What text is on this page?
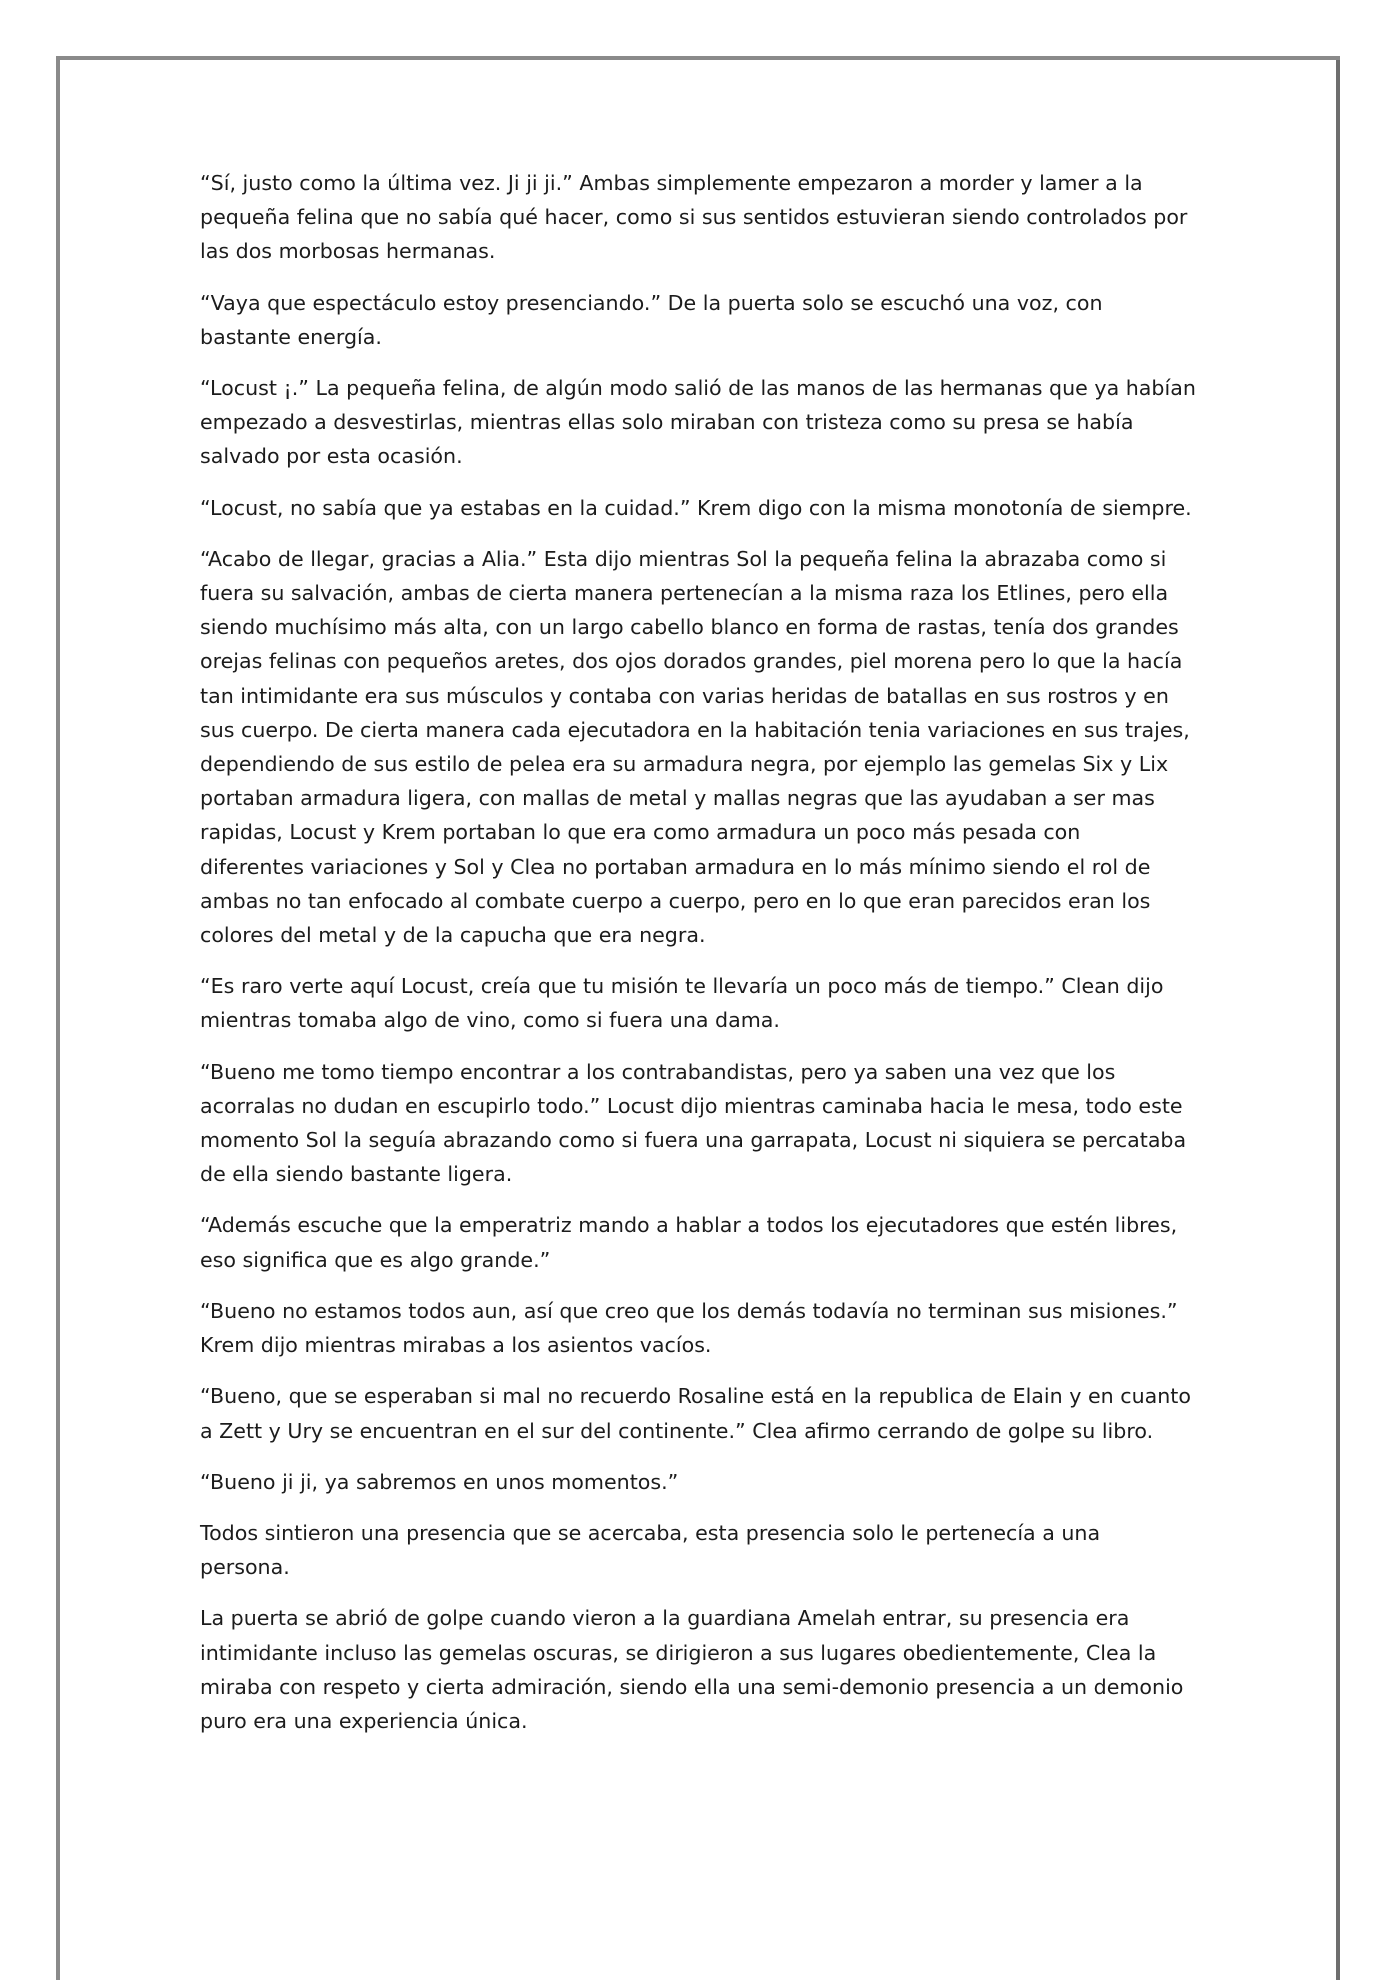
“Sí, justo como la última vez. Ji ji ji.” Ambas simplemente empezaron a morder y lamer a la
pequeña felina que no sabía qué hacer, como si sus sentidos estuvieran siendo controlados por
las dos morbosas hermanas.

“Vaya que espectáculo estoy presenciando.” De la puerta solo se escuchó una voz, con
bastante energía.

“Locust ¡.” La pequeña felina, de algún modo salió de las manos de las hermanas que ya habían
empezado a desvestirlas, mientras ellas solo miraban con tristeza como su presa se había
salvado por esta ocasión.

“Locust, no sabía que ya estabas en la cuidad.” Krem digo con la misma monotonía de siempre.

“Acabo de llegar, gracias a Alia.” Esta dijo mientras Sol la pequeña felina la abrazaba como si
fuera su salvación, ambas de cierta manera pertenecían a la misma raza los Etlines, pero ella
siendo muchísimo más alta, con un largo cabello blanco en forma de rastas, tenía dos grandes
orejas felinas con pequeños aretes, dos ojos dorados grandes, piel morena pero lo que la hacía
tan intimidante era sus músculos y contaba con varias heridas de batallas en sus rostros y en
sus cuerpo. De cierta manera cada ejecutadora en la habitación tenia variaciones en sus trajes,
dependiendo de sus estilo de pelea era su armadura negra, por ejemplo las gemelas Six y Lix
portaban armadura ligera, con mallas de metal y mallas negras que las ayudaban a ser mas
rapidas, Locust y Krem portaban lo que era como armadura un poco más pesada con
diferentes variaciones y Sol y Clea no portaban armadura en lo más mínimo siendo el rol de
ambas no tan enfocado al combate cuerpo a cuerpo, pero en lo que eran parecidos eran los
colores del metal y de la capucha que era negra.

“Es raro verte aquí Locust, creía que tu misión te llevaría un poco más de tiempo.” Clean dijo
mientras tomaba algo de vino, como si fuera una dama.

“Bueno me tomo tiempo encontrar a los contrabandistas, pero ya saben una vez que los
acorralas no dudan en escupirlo todo.” Locust dijo mientras caminaba hacia le mesa, todo este
momento Sol la seguía abrazando como si fuera una garrapata, Locust ni siquiera se percataba
de ella siendo bastante ligera.

“Además escuche que la emperatriz mando a hablar a todos los ejecutadores que estén libres,
eso significa que es algo grande.”

“Bueno no estamos todos aun, así que creo que los demás todavía no terminan sus misiones.”
Krem dijo mientras mirabas a los asientos vacíos.

“Bueno, que se esperaban si mal no recuerdo Rosaline está en la republica de Elain y en cuanto
a Zett y Ury se encuentran en el sur del continente.” Clea afirmo cerrando de golpe su libro.

“Bueno ji ji, ya sabremos en unos momentos.”

Todos sintieron una presencia que se acercaba, esta presencia solo le pertenecía a una
persona.

La puerta se abrió de golpe cuando vieron a la guardiana Amelah entrar, su presencia era
intimidante incluso las gemelas oscuras, se dirigieron a sus lugares obedientemente, Clea la
miraba con respeto y cierta admiración, siendo ella una semi-demonio presencia a un demonio
puro era una experiencia única.
